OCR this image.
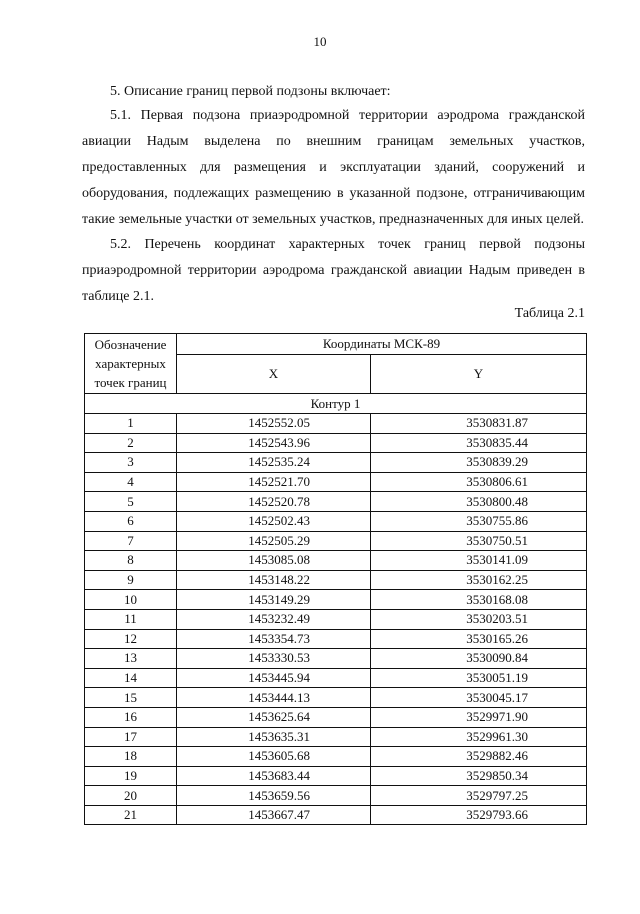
10
5. Описание границ первой подзоны включает:
5.1. Первая подзона приаэродромной территории аэродрома гражданской авиации Надым выделена по внешним границам земельных участков, предоставленных для размещения и эксплуатации зданий, сооружений и оборудования, подлежащих размещению в указанной подзоне, отграничивающим такие земельные участки от земельных участков, предназначенных для иных целей.
5.2. Перечень координат характерных точек границ первой подзоны приаэродромной территории аэродрома гражданской авиации Надым приведен в таблице 2.1.
Таблица 2.1
Обозначение характерных точек границ	Координаты МСК-89	
	X	Y
Контур 1		
1	1452552.05	3530831.87
2	1452543.96	3530835.44
3	1452535.24	3530839.29
4	1452521.70	3530806.61
5	1452520.78	3530800.48
6	1452502.43	3530755.86
7	1452505.29	3530750.51
8	1453085.08	3530141.09
9	1453148.22	3530162.25
10	1453149.29	3530168.08
11	1453232.49	3530203.51
12	1453354.73	3530165.26
13	1453330.53	3530090.84
14	1453445.94	3530051.19
15	1453444.13	3530045.17
16	1453625.64	3529971.90
17	1453635.31	3529961.30
18	1453605.68	3529882.46
19	1453683.44	3529850.34
20	1453659.56	3529797.25
21	1453667.47	3529793.66
